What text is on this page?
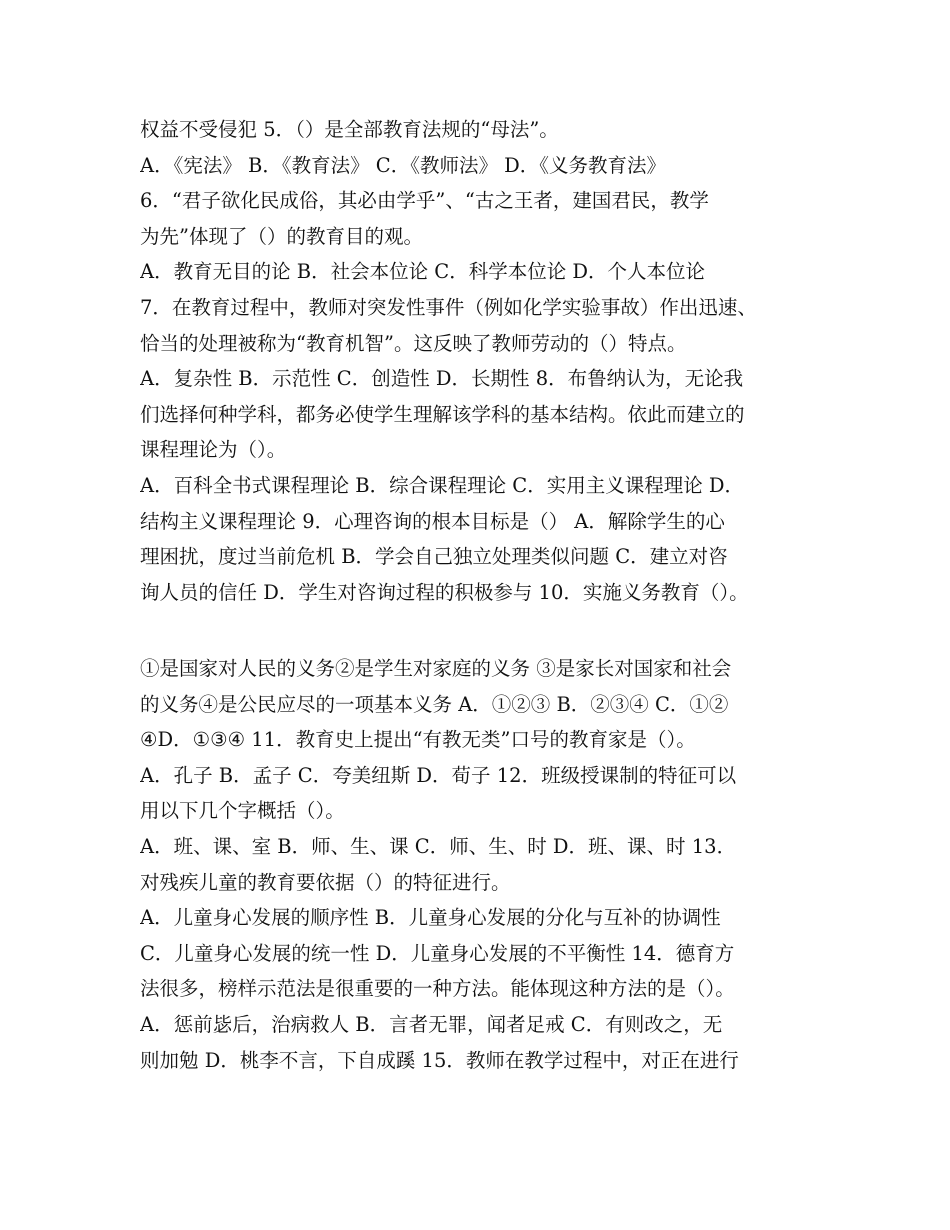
权益不受侵犯 5．（）是全部教育法规的“母法”。
A．《宪法》 B．《教育法》 C．《教师法》 D．《义务教育法》
6．“君子欲化民成俗，其必由学乎”、“古之王者，建国君民，教学
为先”体现了（）的教育目的观。
A．教育无目的论 B．社会本位论 C．科学本位论 D．个人本位论
7．在教育过程中，教师对突发性事件（例如化学实验事故）作出迅速、
恰当的处理被称为“教育机智”。这反映了教师劳动的（）特点。
A．复杂性 B．示范性 C．创造性 D．长期性 8．布鲁纳认为，无论我
们选择何种学科，都务必使学生理解该学科的基本结构。依此而建立的
课程理论为（）。
A．百科全书式课程理论 B．综合课程理论 C．实用主义课程理论 D．
结构主义课程理论 9．心理咨询的根本目标是（） A．解除学生的心
理困扰，度过当前危机 B．学会自己独立处理类似问题 C．建立对咨
询人员的信任 D．学生对咨询过程的积极参与 10．实施义务教育（）。
①是国家对人民的义务②是学生对家庭的义务 ③是家长对国家和社会
的义务④是公民应尽的一项基本义务 A．①②③ B．②③④ C．①②
④D．①③④ 11．教育史上提出“有教无类”口号的教育家是（）。
A．孔子 B．孟子 C．夸美纽斯 D．荀子 12．班级授课制的特征可以
用以下几个字概括（）。
A．班、课、室 B．师、生、课 C．师、生、时 D．班、课、时 13．
对残疾儿童的教育要依据（）的特征进行。
A．儿童身心发展的顺序性 B．儿童身心发展的分化与互补的协调性
C．儿童身心发展的统一性 D．儿童身心发展的不平衡性 14．德育方
法很多，榜样示范法是很重要的一种方法。能体现这种方法的是（）。
A．惩前毖后，治病救人 B．言者无罪，闻者足戒 C．有则改之，无
则加勉 D．桃李不言，下自成蹊 15．教师在教学过程中，对正在进行
